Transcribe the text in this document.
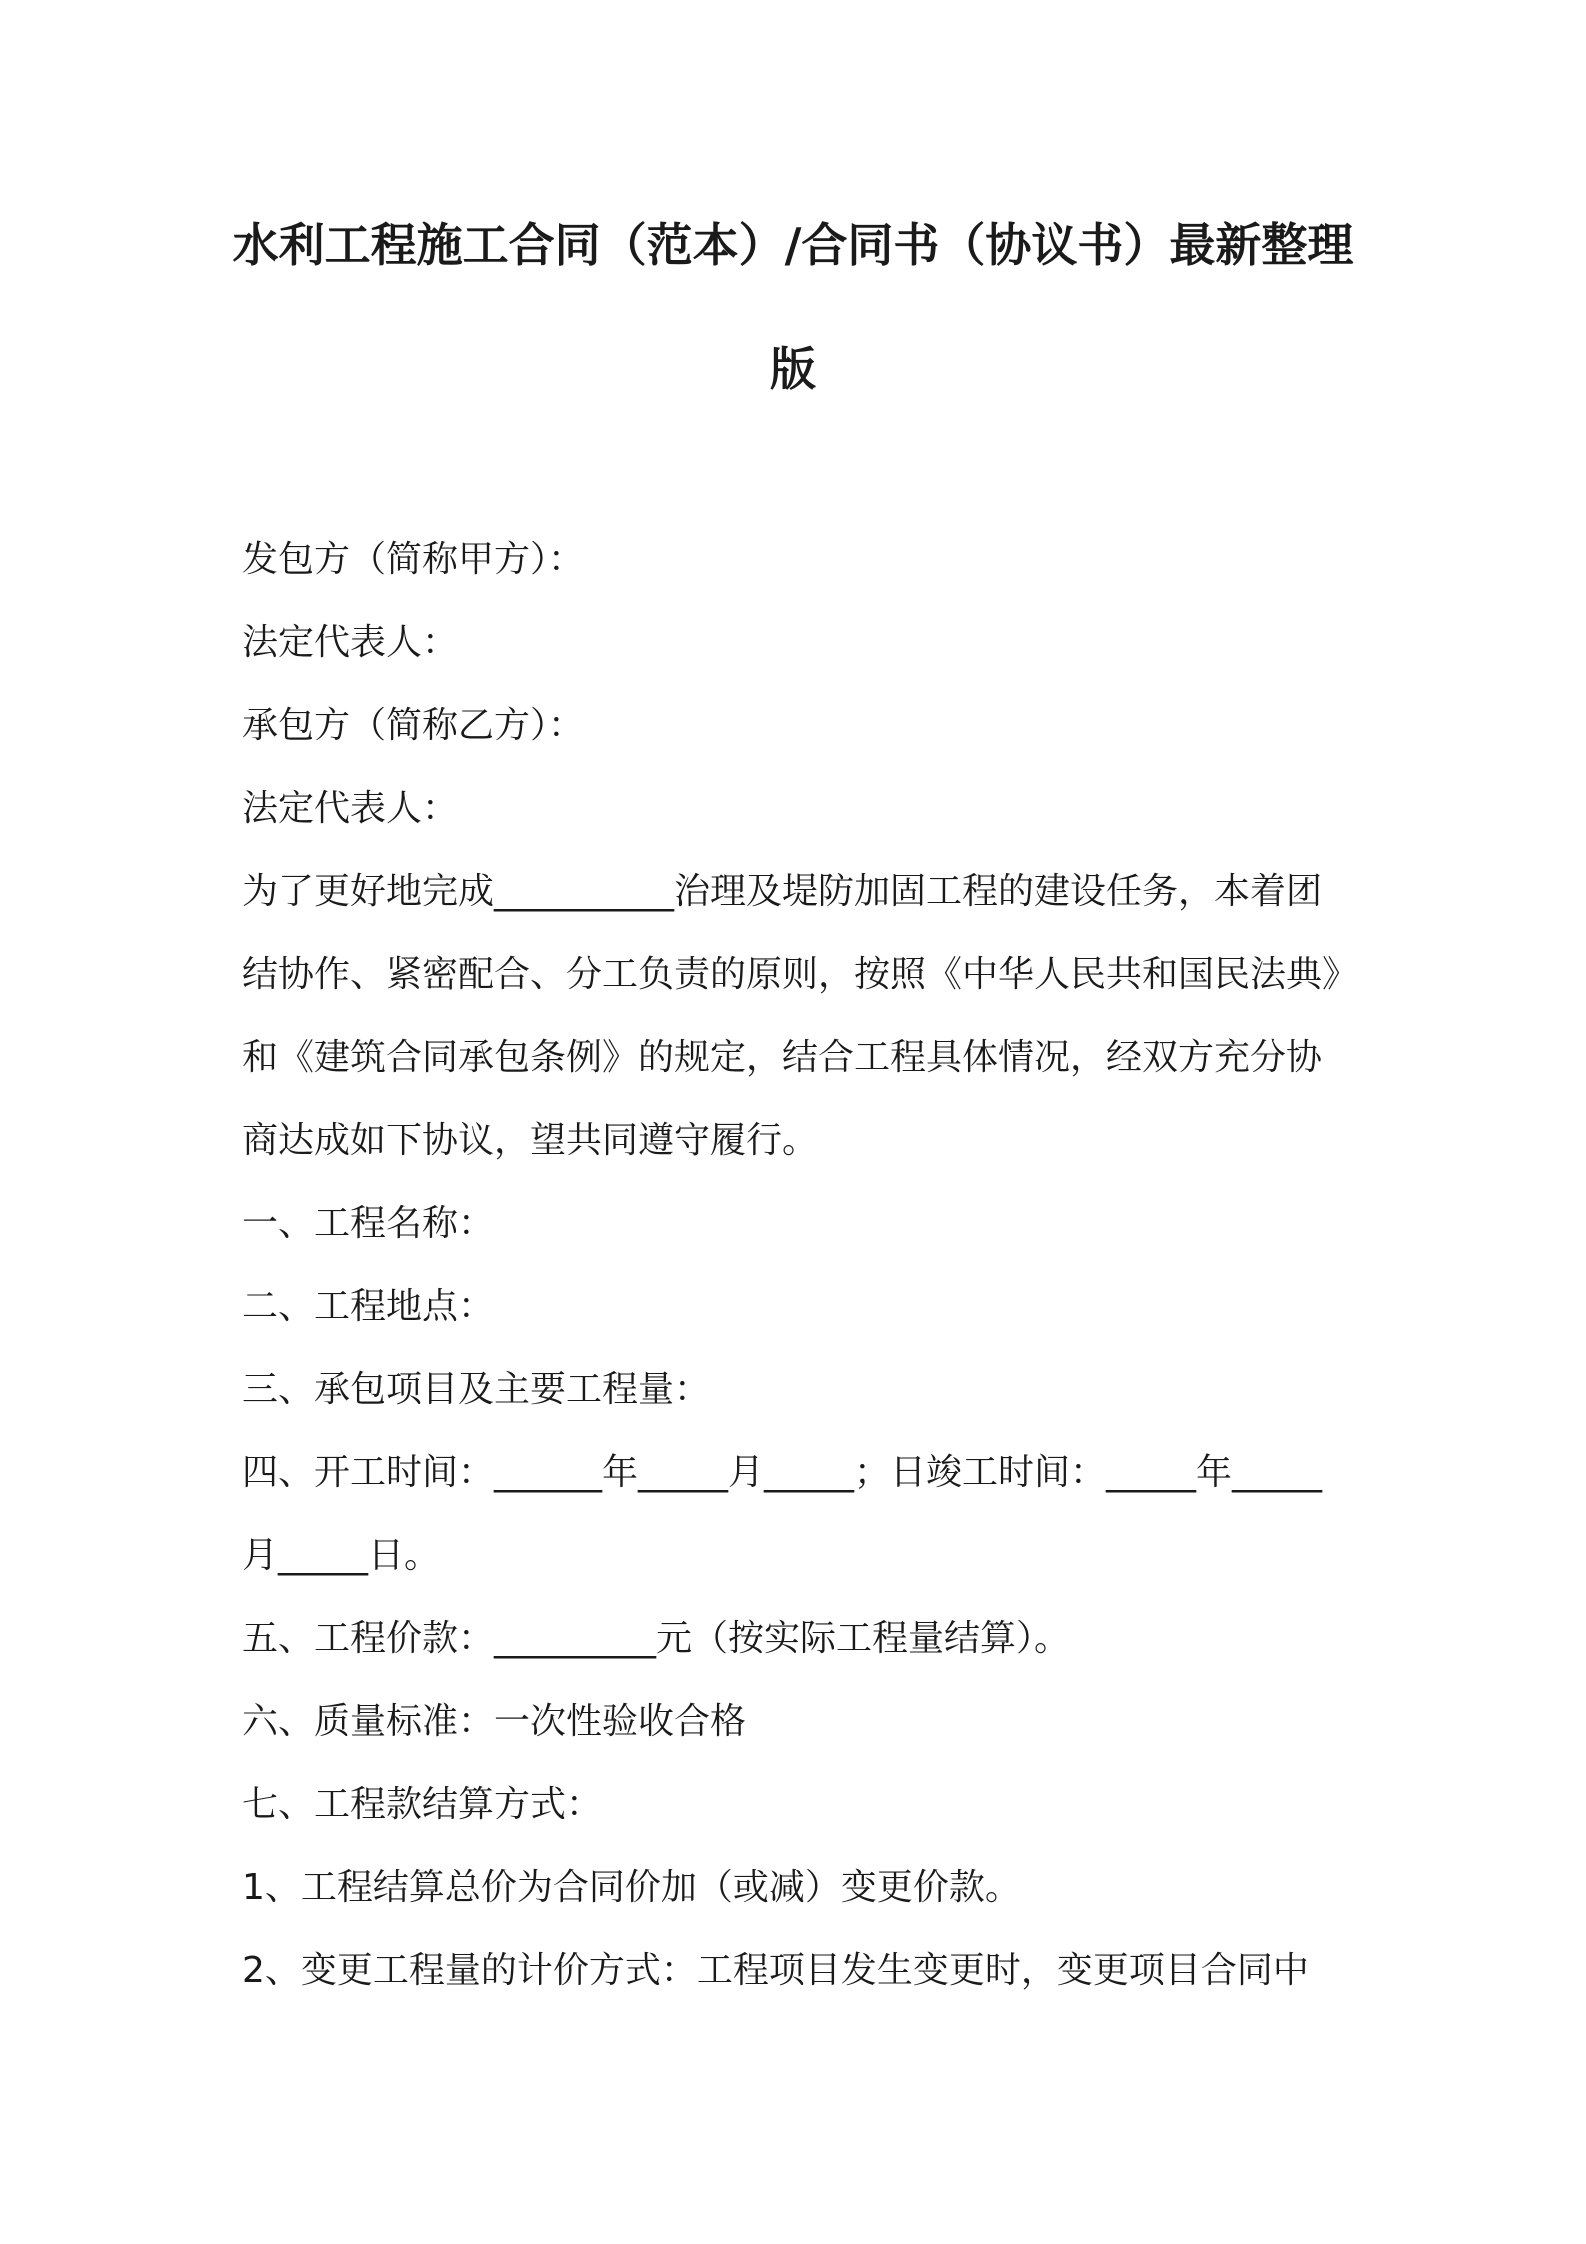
水利工程施工合同（范本）/合同书（协议书）最新整理
版
发包方（简称甲方）：
法定代表人：
承包方（简称乙方）：
法定代表人：
为了更好地完成__________治理及堤防加固工程的建设任务，本着团
结协作、紧密配合、分工负责的原则，按照《中华人民共和国民法典》
和《建筑合同承包条例》的规定，结合工程具体情况，经双方充分协
商达成如下协议，望共同遵守履行。
一、工程名称：
二、工程地点：
三、承包项目及主要工程量：
四、开工时间：______年_____月_____；日竣工时间：_____年_____
月_____日。
五、工程价款：_________元（按实际工程量结算）。
六、质量标准：一次性验收合格
七、工程款结算方式：
1、工程结算总价为合同价加（或减）变更价款。
2、变更工程量的计价方式：工程项目发生变更时，变更项目合同中
